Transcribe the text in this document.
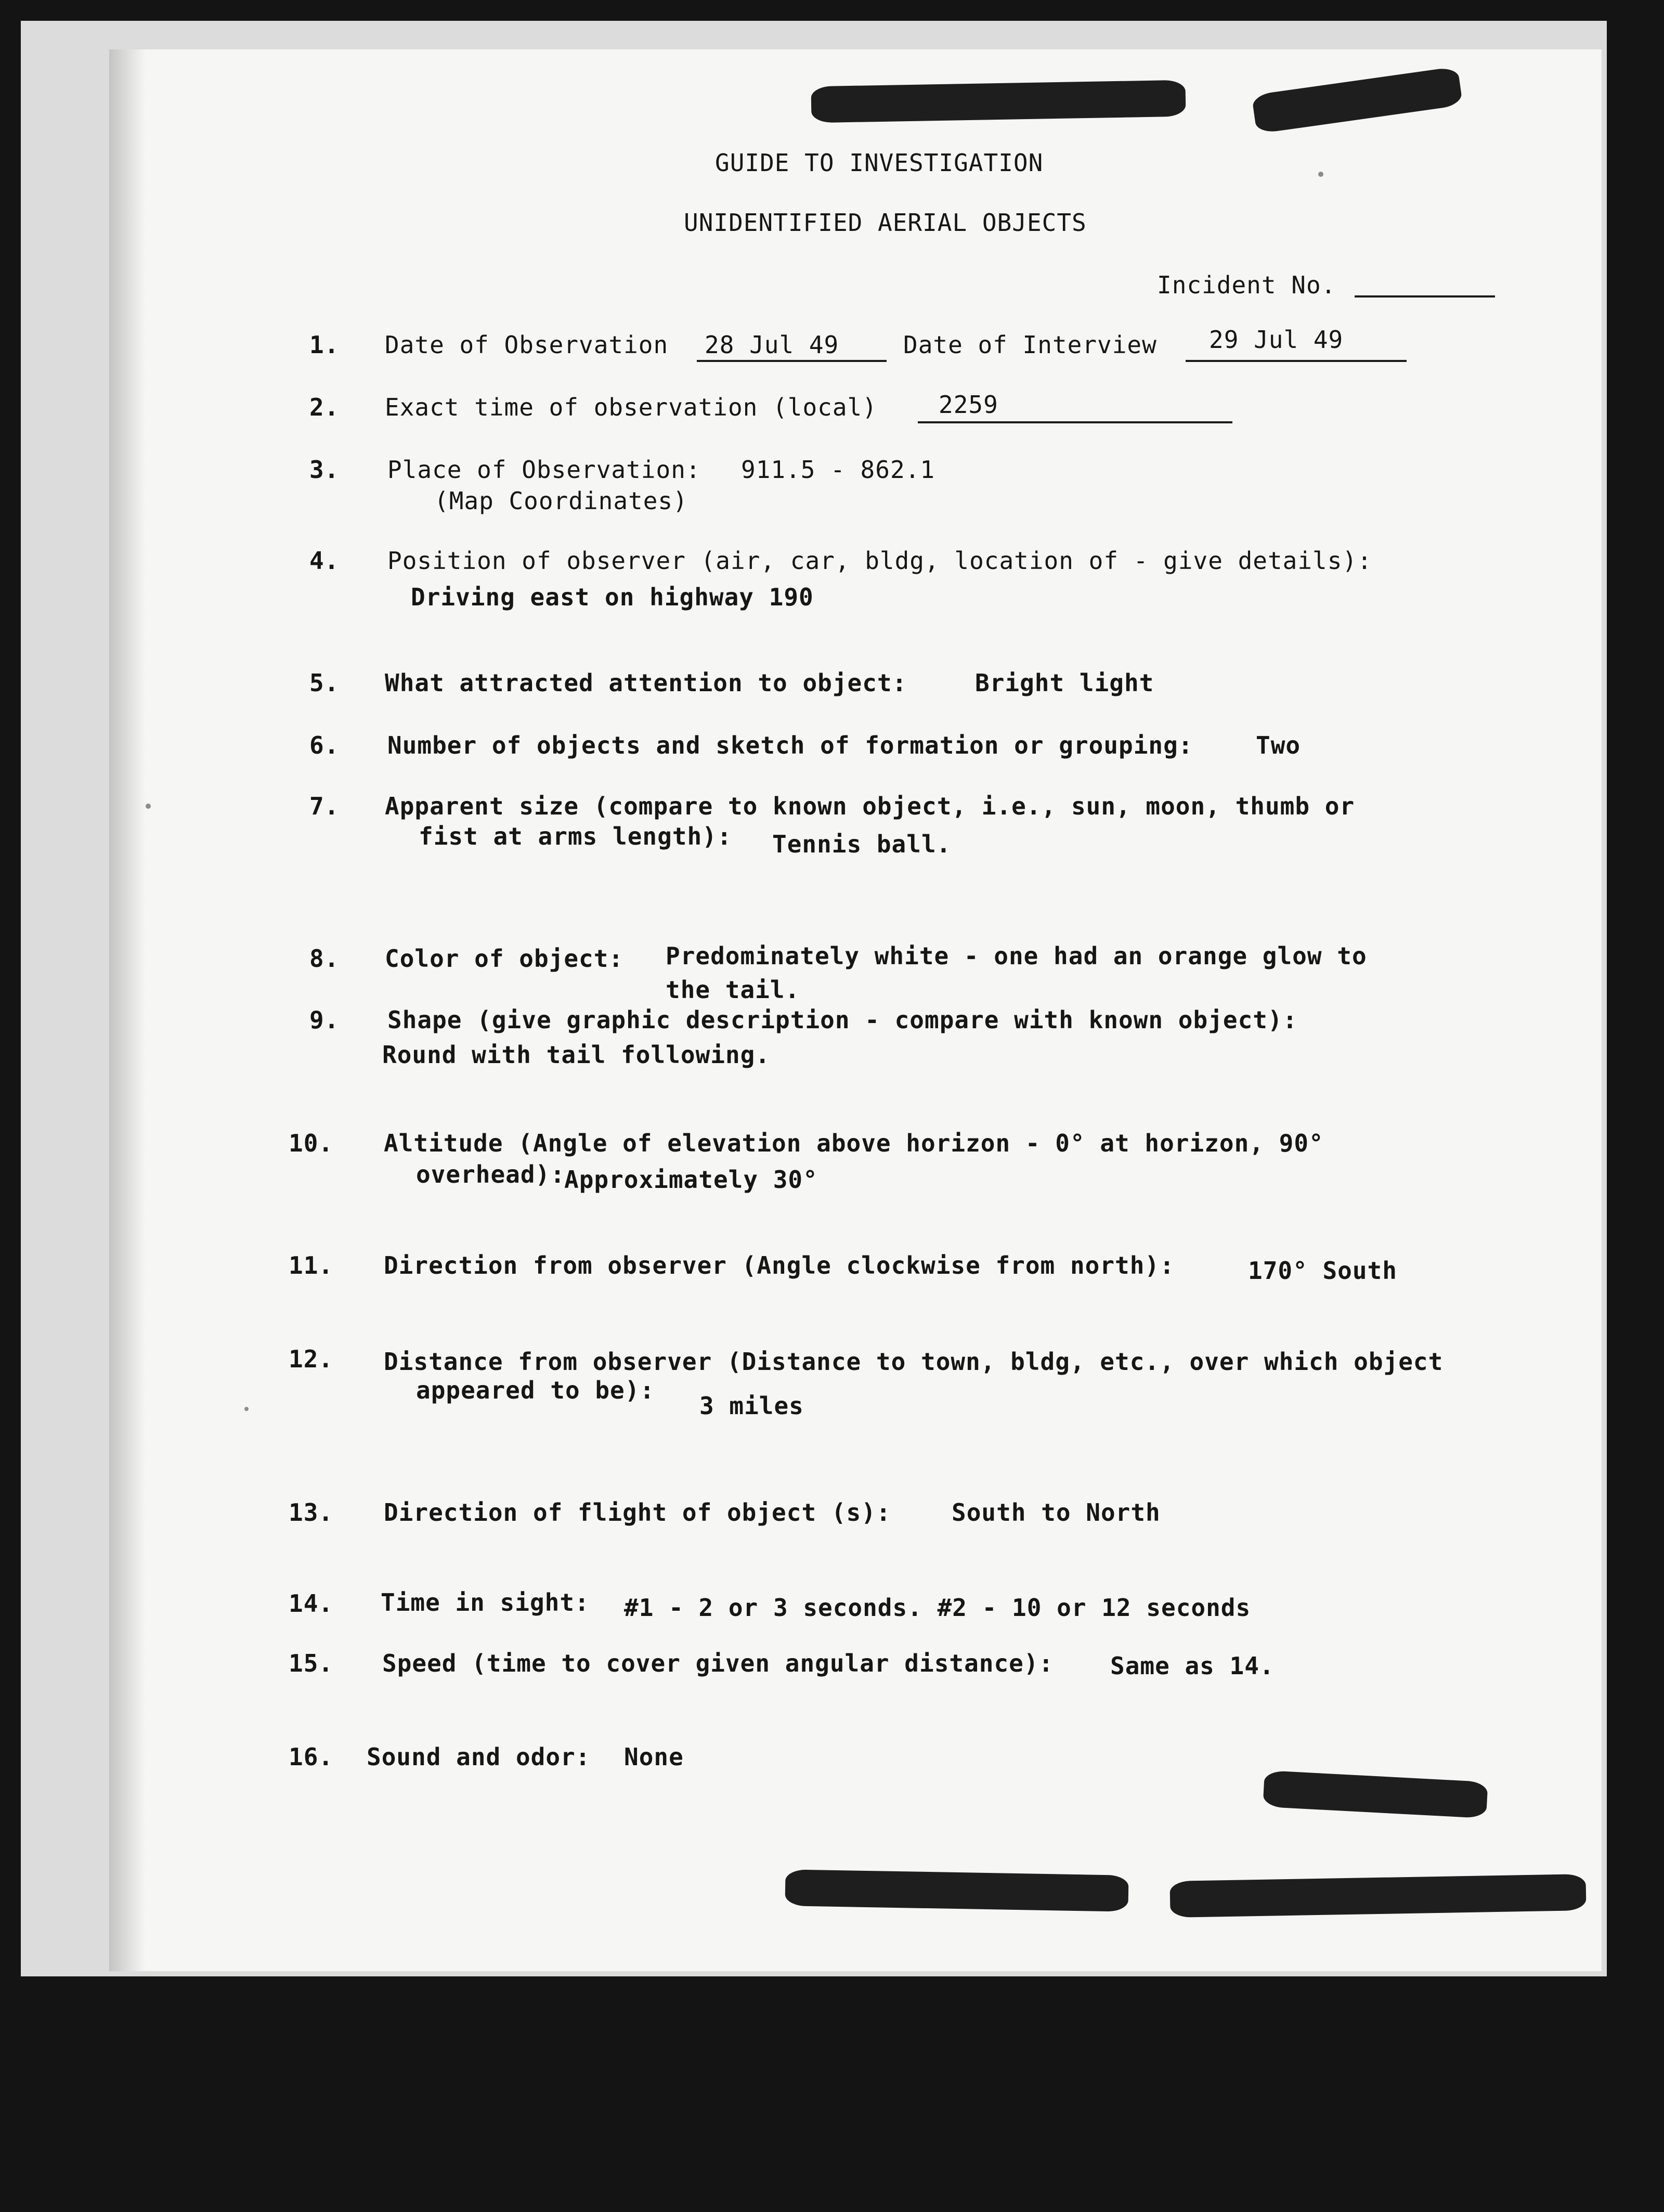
GUIDE TO INVESTIGATION
UNIDENTIFIED AERIAL OBJECTS
Incident No.
1. Date of Observation 28 Jul 49	Date of Interview 29 Jul 49
2. Exact time of observation (local)	2259
3. Place of Observation: 911.5 - 862.1
(Map Coordinates)
4. Position of observer (air, car, bldg, location of - give details):
Driving east on highway 190
5. What attracted attention to object:	Bright light
6. Number of objects and sketch of formation or grouping:	Two
7. Apparent size (compare to known object, i.e., sun, moon, thumb or
fist at arms length): Tennis ball.
8. Color of object: Predominately white - one had an orange glow to
the tail.
9. Shape (give graphic description - compare with known object):
Round with tail following.
10. Altitude (Angle of elevation above horizon - 0° at horizon, 90°
overhead):
Approximately 30°
11. Direction from observer (Angle clockwise from north):	170° South
12. Distance from observer (Distance to town, bldg, etc., over which object
appeared to be):
3 miles
13. Direction of flight of object (s):	South to North
14. Time in sight: #1 - 2 or 3 seconds. #2 - 10 or 12 seconds
15. Speed (time to cover given angular distance): Same as 14.
16. Sound and odor: None
